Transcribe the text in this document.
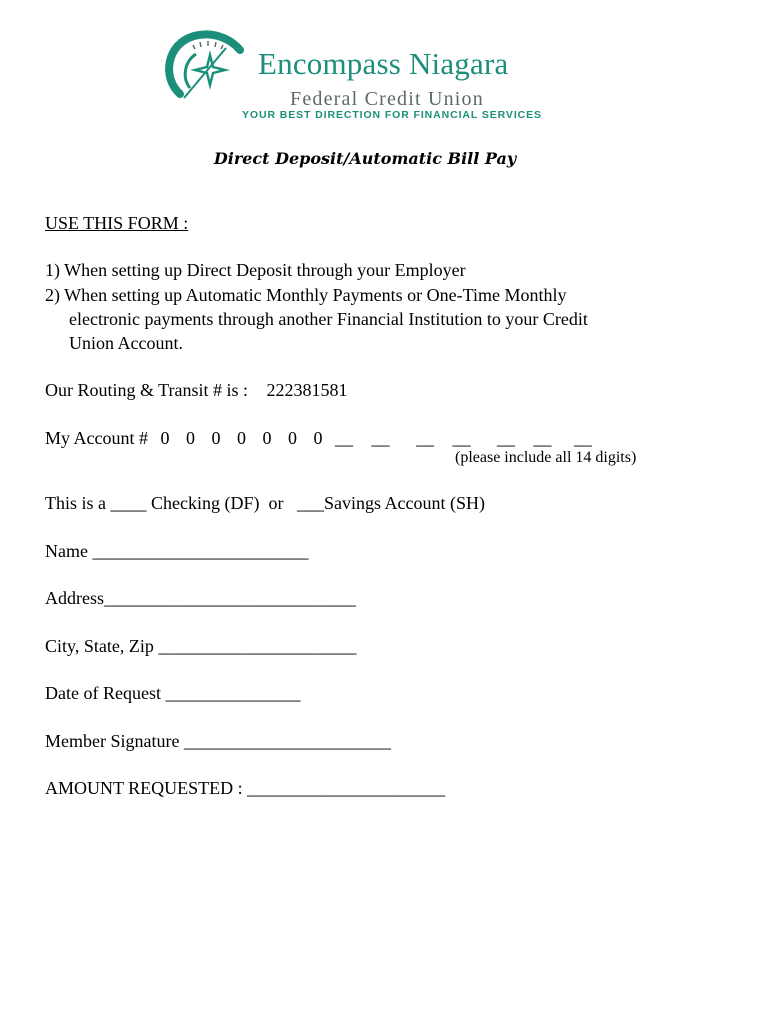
Encompass Niagara
Federal Credit Union
YOUR BEST DIRECTION FOR FINANCIAL SERVICES
Direct Deposit/Automatic Bill Pay
USE THIS FORM :
1) When setting up Direct Deposit through your Employer
2) When setting up Automatic Monthly Payments or One-Time Monthly
electronic payments through another Financial Institution to your Credit
Union Account.
Our Routing & Transit # is : 222381581
My Account # 0 0 0 0 0 0 0 __ __ __ __ __ __ __
(please include all 14 digits)
This is a ____ Checking (DF)  or   ___Savings Account (SH)
Name ________________________
Address____________________________
City, State, Zip ______________________
Date of Request _______________
Member Signature _______________________
AMOUNT REQUESTED : ______________________
